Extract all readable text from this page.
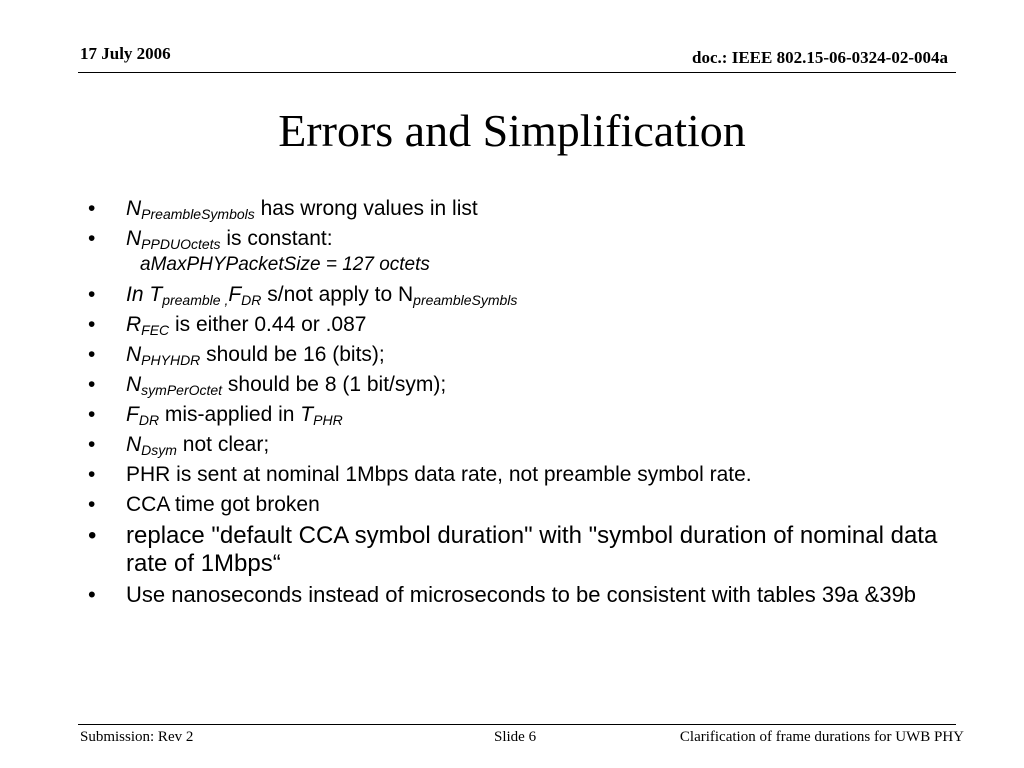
17 July 2006	doc.: IEEE 802.15-06-0324-02-004a
Errors and Simplification
• $N_{PreambleSymbols}$ has wrong values in list
• $N_{PPDUOctets}$ is constant:
aMaxPHYPacketSize = 127 octets
• In $T_{preamble ,}F_{DR}$ s/not apply to $N_{preambleSymbls}$
• $R_{FEC}$ is either 0.44 or .087
• $N_{PHYHDR}$ should be 16 (bits);
• $N_{symPerOctet}$ should be 8 (1 bit/sym);
• $F_{DR}$ mis-applied in $T_{PHR}$
• $N_{Dsym}$ not clear;
• PHR is sent at nominal 1Mbps data rate, not preamble symbol rate.
• CCA time got broken
• replace "default CCA symbol duration" with "symbol duration of nominal data rate of 1Mbps“
• Use nanoseconds instead of microseconds to be consistent with tables 39a &39b
Submission: Rev 2	Slide 6	Clarification of frame durations for UWB PHY
